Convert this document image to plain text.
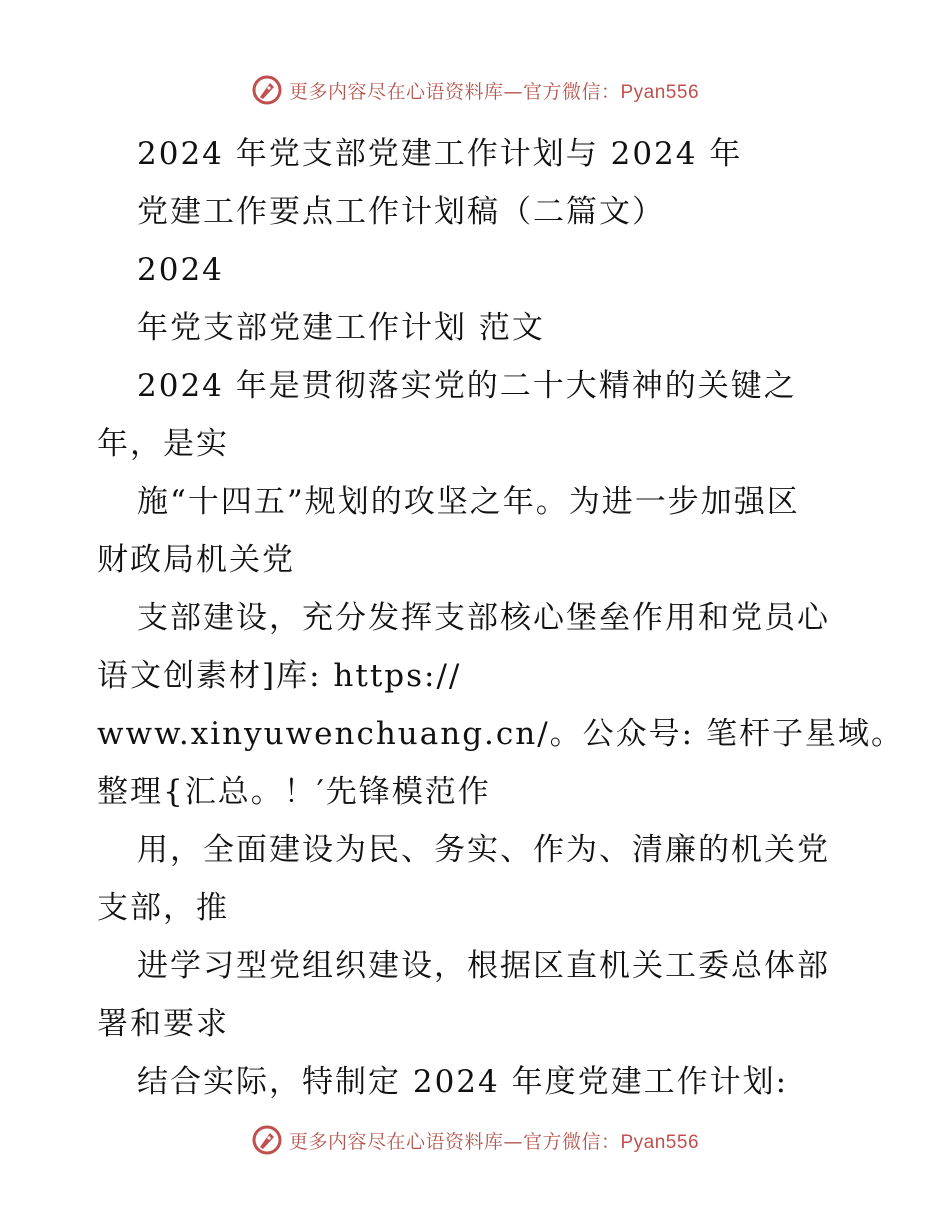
更多内容尽在心语资料库—官方微信：Pyan556
2024 年党支部党建工作计划与 2024 年
党建工作要点工作计划稿（二篇文）
2024
年党支部党建工作计划 范文
2024 年是贯彻落实党的二十大精神的关键之
年，是实
施“十四五”规划的攻坚之年。为进一步加强区
财政局机关党
支部建设，充分发挥支部核心堡垒作用和党员心
语文创素材]库: https://
www.xinyuwenchuang.cn/。公众号: 笔杆子星域。
整理{汇总。！′先锋模范作
用，全面建设为民、务实、作为、清廉的机关党
支部，推
进学习型党组织建设，根据区直机关工委总体部
署和要求
结合实际，特制定 2024 年度党建工作计划:
更多内容尽在心语资料库—官方微信：Pyan556
